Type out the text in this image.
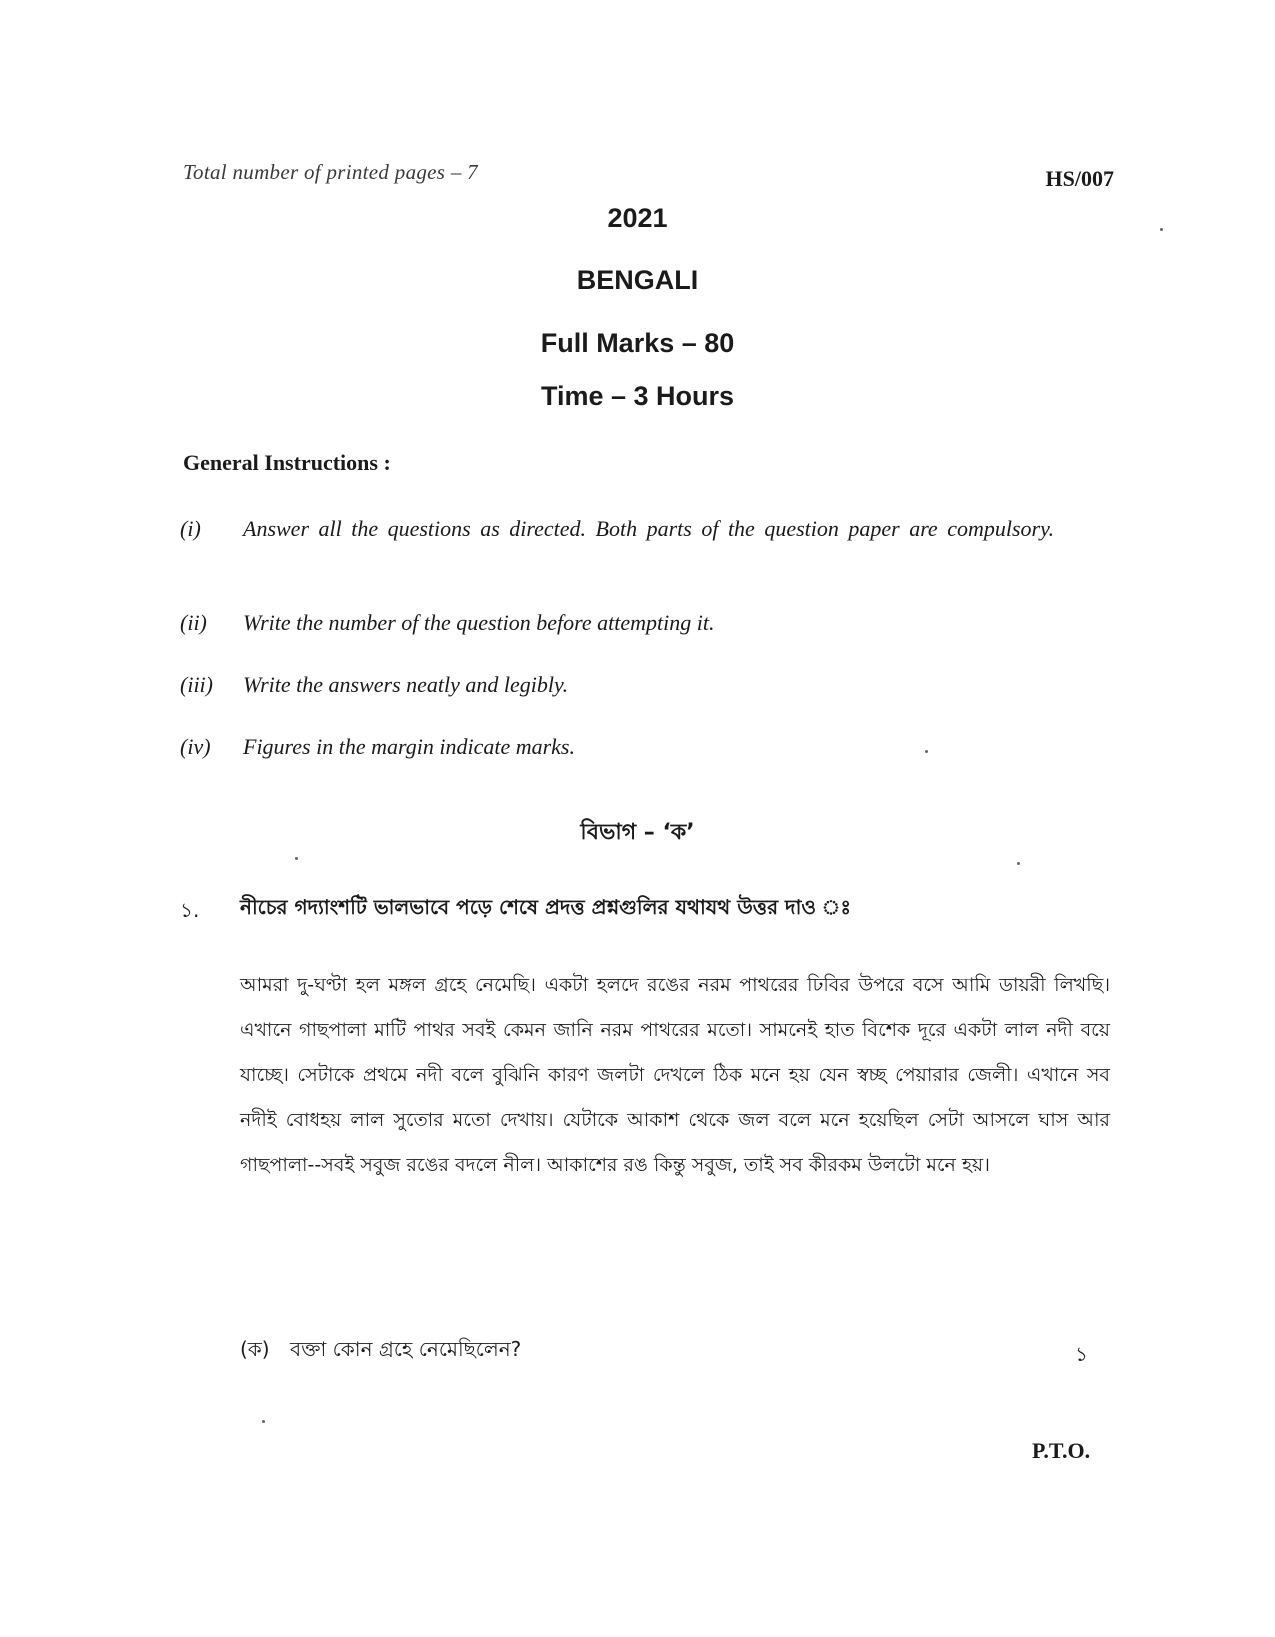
Total number of printed pages – 7	HS/007
2021
BENGALI
Full Marks – 80
Time – 3 Hours
General Instructions :
(i)	Answer all the questions as directed. Both parts of the question paper are compulsory.
(ii)	Write the number of the question before attempting it.
(iii)	Write the answers neatly and legibly.
(iv)	Figures in the margin indicate marks.
বিভাগ – ‘ক’
১. নীচের গদ্যাংশটি ভালভাবে পড়ে শেষে প্রদত্ত প্রশ্নগুলির যথাযথ উত্তর দাও ঃ
আমরা দু-ঘণ্টা হল মঙ্গল গ্রহে নেমেছি। একটা হলদে রঙের নরম পাথরের ঢিবির উপরে বসে আমি ডায়রী লিখছি। এখানে গাছপালা মাটি পাথর সবই কেমন জানি নরম পাথরের মতো। সামনেই হাত বিশেক দূরে একটা লাল নদী বয়ে যাচ্ছে। সেটাকে প্রথমে নদী বলে বুঝিনি কারণ জলটা দেখলে ঠিক মনে হয় যেন স্বচ্ছ পেয়ারার জেলী। এখানে সব নদীই বোধহয় লাল সুতোর মতো দেখায়। যেটাকে আকাশ থেকে জল বলে মনে হয়েছিল সেটা আসলে ঘাস আর গাছপালা--সবই সবুজ রঙের বদলে নীল। আকাশের রঙ কিন্তু সবুজ, তাই সব কীরকম উলটো মনে হয়।
(ক) বক্তা কোন গ্রহে নেমেছিলেন?	১
P.T.O.
